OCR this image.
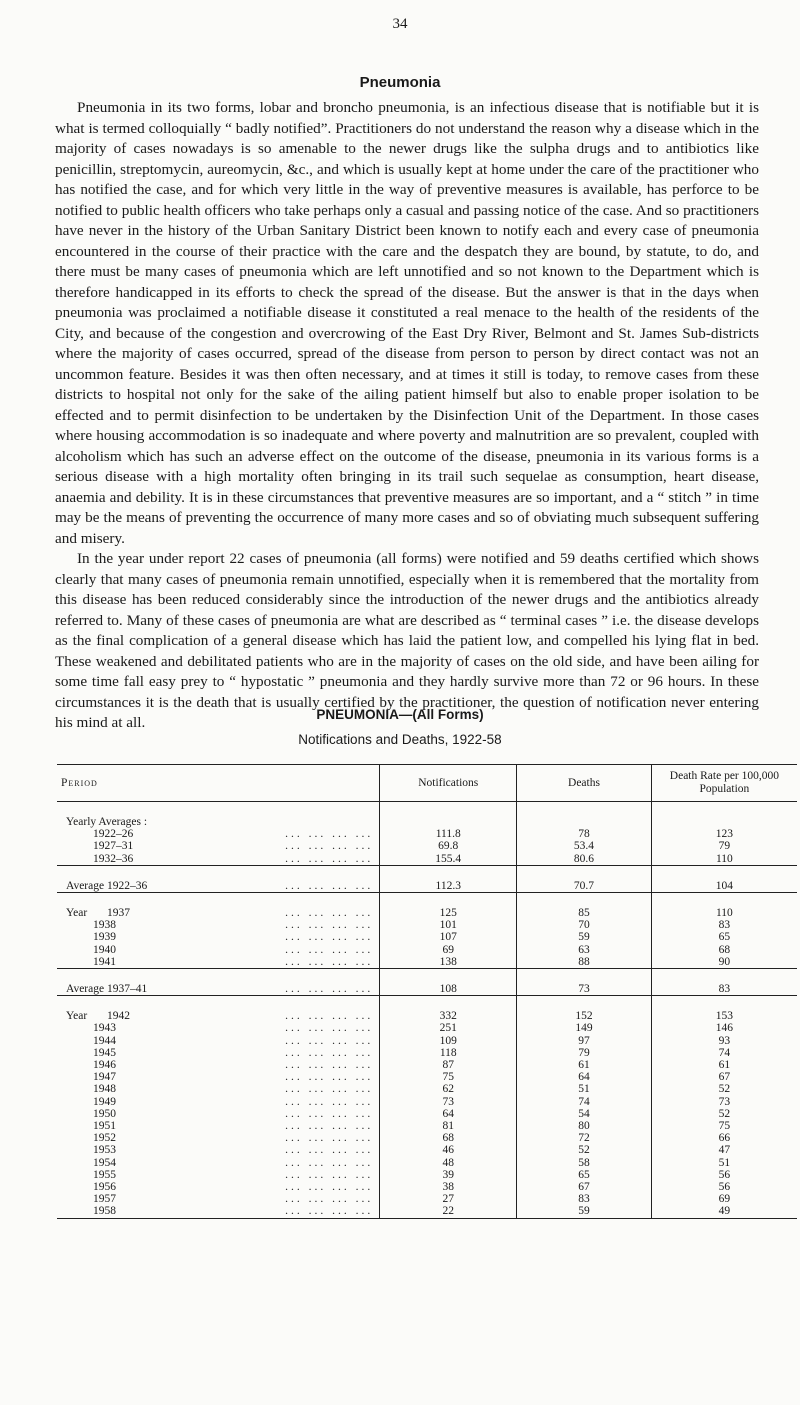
34
Pneumonia

Pneumonia in its two forms, lobar and broncho pneumonia, is an infectious disease that is notifiable but it is what is termed colloquially “ badly notified”. Practitioners do not understand the reason why a disease which in the majority of cases nowadays is so amenable to the newer drugs like the sulpha drugs and to antibiotics like penicillin, streptomycin, aureomycin, &c., and which is usually kept at home under the care of the practitioner who has notified the case, and for which very little in the way of preventive measures is available, has perforce to be notified to public health officers who take perhaps only a casual and passing notice of the case. And so practitioners have never in the history of the Urban Sanitary District been known to notify each and every case of pneumonia encountered in the course of their practice with the care and the despatch they are bound, by statute, to do, and there must be many cases of pneumonia which are left unnotified and so not known to the Department which is therefore handicapped in its efforts to check the spread of the disease. But the answer is that in the days when pneumonia was proclaimed a notifiable disease it constituted a real menace to the health of the residents of the City, and because of the congestion and overcrowing of the East Dry River, Belmont and St. James Sub-districts where the majority of cases occurred, spread of the disease from person to person by direct contact was not an uncommon feature. Besides it was then often necessary, and at times it still is today, to remove cases from these districts to hospital not only for the sake of the ailing patient himself but also to enable proper isolation to be effected and to permit disinfection to be undertaken by the Disinfection Unit of the Department. In those cases where housing accommodation is so inadequate and where poverty and malnutrition are so prevalent, coupled with alcoholism which has such an adverse effect on the outcome of the disease, pneumonia in its various forms is a serious disease with a high mortality often bringing in its trail such sequelae as consumption, heart disease, anaemia and debility. It is in these circumstances that preventive measures are so important, and a “ stitch ” in time may be the means of preventing the occurrence of many more cases and so of obviating much subsequent suffering and misery.

In the year under report 22 cases of pneumonia (all forms) were notified and 59 deaths certified which shows clearly that many cases of pneumonia remain unnotified, especially when it is remembered that the mortality from this disease has been reduced considerably since the introduction of the newer drugs and the antibiotics already referred to. Many of these cases of pneumonia are what are described as “ terminal cases ” i.e. the disease develops as the final complication of a general disease which has laid the patient low, and compelled his lying flat in bed. These weakened and debilitated patients who are in the majority of cases on the old side, and have been ailing for some time fall easy prey to “ hypostatic ” pneumonia and they hardly survive more than 72 or 96 hours. In these circumstances it is the death that is usually certified by the practitioner, the question of notification never entering his mind at all.	PNEUMONIA—(All Forms)
Notifications and Deaths, 1922-58
Period	Notifications	Deaths	Death Rate per 100,000 Population

Yearly Averages :			
1922–26 ... ... ... ...	111.8	78	123
1927–31 ... ... ... ...	69.8	53.4	79
1932–36 ... ... ... ...	155.4	80.6	110

Average 1922–36 ... ... ... ...	112.3	70.7	104

Year 1937 ... ... ... ...	125	85	110
1938 ... ... ... ...	101	70	83
1939 ... ... ... ...	107	59	65
1940 ... ... ... ...	69	63	68
1941 ... ... ... ...	138	88	90

Average 1937–41 ... ... ... ...	108	73	83

Year 1942 ... ... ... ...	332	152	153
1943 ... ... ... ...	251	149	146
1944 ... ... ... ...	109	97	93
1945 ... ... ... ...	118	79	74
1946 ... ... ... ...	87	61	61
1947 ... ... ... ...	75	64	67
1948 ... ... ... ...	62	51	52
1949 ... ... ... ...	73	74	73
1950 ... ... ... ...	64	54	52
1951 ... ... ... ...	81	80	75
1952 ... ... ... ...	68	72	66
1953 ... ... ... ...	46	52	47
1954 ... ... ... ...	48	58	51
1955 ... ... ... ...	39	65	56
1956 ... ... ... ...	38	67	56
1957 ... ... ... ...	27	83	69
1958 ... ... ... ...	22	59	49
